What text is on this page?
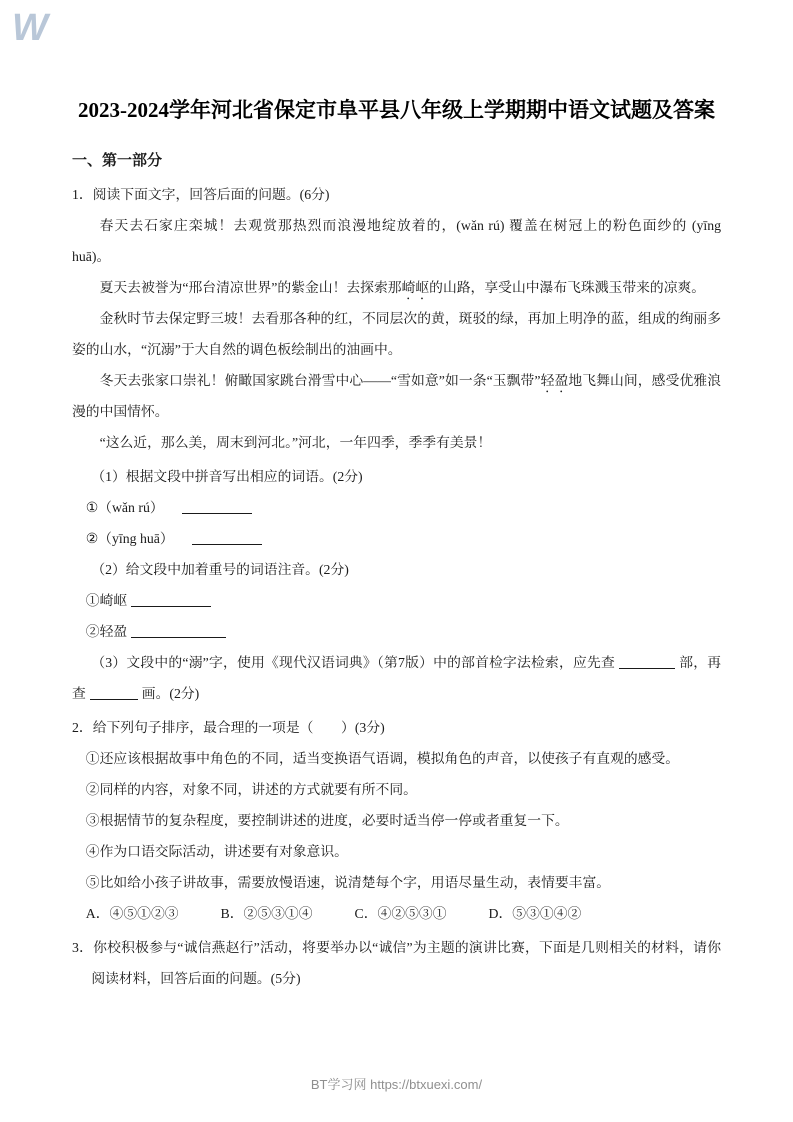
W
2023-2024学年河北省保定市阜平县八年级上学期期中语文试题及答案
一、第一部分

1．阅读下面文字，回答后面的问题。(6分)

春天去石家庄栾城！去观赏那热烈而浪漫地绽放着的，(wǎn rú) 覆盖在树冠上的粉色面纱的 (yīng huā)。

夏天去被誉为“邢台清凉世界”的紫金山！去探索那崎岖的山路，享受山中瀑布飞珠溅玉带来的凉爽。

金秋时节去保定野三坡！去看那各种的红，不同层次的黄，斑驳的绿，再加上明净的蓝，组成的绚丽多姿的山水，“沉溺”于大自然的调色板绘制出的油画中。

冬天去张家口崇礼！俯瞰国家跳台滑雪中心——“雪如意”如一条“玉飘带”轻盈地飞舞山间，感受优雅浪漫的中国情怀。

“这么近，那么美，周末到河北。”河北，一年四季，季季有美景！

（1）根据文段中拼音写出相应的词语。(2分)

①（wǎn rú）

②（yīng huā）

（2）给文段中加着重号的词语注音。(2分)

①崎岖

②轻盈

（3）文段中的“溺”字，使用《现代汉语词典》（第7版）中的部首检字法检索，应先查	部，再查	画。(2分)

2．给下列句子排序，最合理的一项是（　　）(3分)

①还应该根据故事中角色的不同，适当变换语气语调，模拟角色的声音，以使孩子有直观的感受。

②同样的内容，对象不同，讲述的方式就要有所不同。

③根据情节的复杂程度，要控制讲述的进度，必要时适当停一停或者重复一下。

④作为口语交际活动，讲述要有对象意识。

⑤比如给小孩子讲故事，需要放慢语速，说清楚每个字，用语尽量生动，表情要丰富。

A．④⑤①②③	B．②⑤③①④	C．④②⑤③①	D．⑤③①④②

3．你校积极参与“诚信燕赵行”活动，将要举办以“诚信”为主题的演讲比赛，下面是几则相关的材料，请你阅读材料，回答后面的问题。(5分)

BT学习网 https://btxuexi.com/
